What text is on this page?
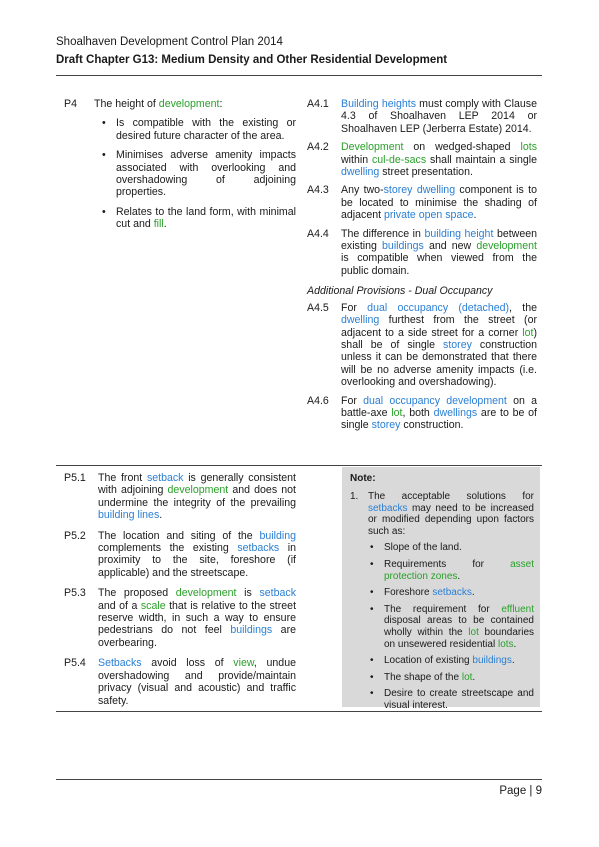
Shoalhaven Development Control Plan 2014
Draft Chapter G13: Medium Density and Other Residential Development
P4	The height of development:
• Is compatible with the existing or desired future character of the area.
• Minimises adverse amenity impacts associated with overlooking and overshadowing of adjoining properties.
• Relates to the land form, with minimal cut and fill.
A4.1	Building heights must comply with Clause 4.3 of Shoalhaven LEP 2014 or Shoalhaven LEP (Jerberra Estate) 2014.
A4.2	Development on wedged-shaped lots within cul-de-sacs shall maintain a single dwelling street presentation.
A4.3	Any two-storey dwelling component is to be located to minimise the shading of adjacent private open space.
A4.4	The difference in building height between existing buildings and new development is compatible when viewed from the public domain.
Additional Provisions - Dual Occupancy
A4.5	For dual occupancy (detached), the dwelling furthest from the street (or adjacent to a side street for a corner lot) shall be of single storey construction unless it can be demonstrated that there will be no adverse amenity impacts (i.e. overlooking and overshadowing).
A4.6	For dual occupancy development on a battle-axe lot, both dwellings are to be of single storey construction.
P5.1	The front setback is generally consistent with adjoining development and does not undermine the integrity of the prevailing building lines.
P5.2	The location and siting of the building complements the existing setbacks in proximity to the site, foreshore (if applicable) and the streetscape.
P5.3	The proposed development is setback and of a scale that is relative to the street reserve width, in such a way to ensure pedestrians do not feel buildings are overbearing.
P5.4	Setbacks avoid loss of view, undue overshadowing and provide/maintain privacy (visual and acoustic) and traffic safety.
Note:
1. The acceptable solutions for setbacks may need to be increased or modified depending upon factors such as:
•	Slope of the land.
•	Requirements for asset protection zones.
•	Foreshore setbacks.
•	The requirement for effluent disposal areas to be contained wholly within the lot boundaries on unsewered residential lots.
•	Location of existing buildings.
•	The shape of the lot.
•	Desire to create streetscape and visual interest.
Page | 9
